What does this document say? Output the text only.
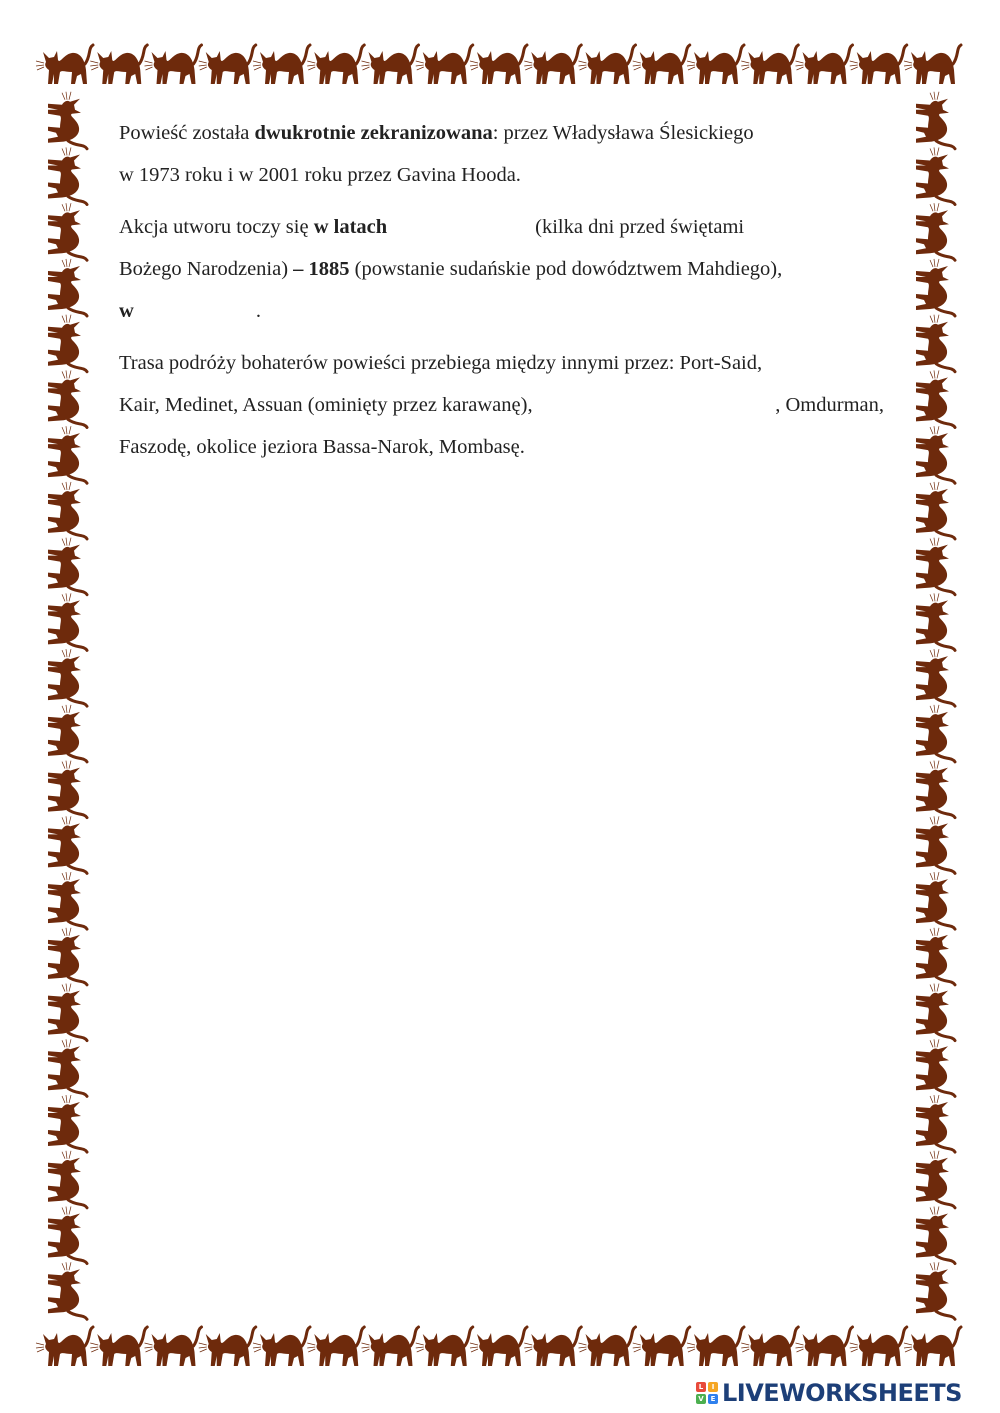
Powieść została dwukrotnie zekranizowana: przez Władysława Ślesickiego
w 1973 roku i w 2001 roku przez Gavina Hooda.
Akcja utworu toczy się w latach	(kilka dni przed świętami
Bożego Narodzenia) – 1885 (powstanie sudańskie pod dowództwem Mahdiego),
w	.
Trasa podróży bohaterów powieści przebiega między innymi przez: Port-Said,
Kair, Medinet, Assuan (ominięty przez karawanę),	, Omdurman,
Faszodę, okolice jeziora Bassa-Narok, Mombasę.
L	I
V E LIVEWORKSHEETS
